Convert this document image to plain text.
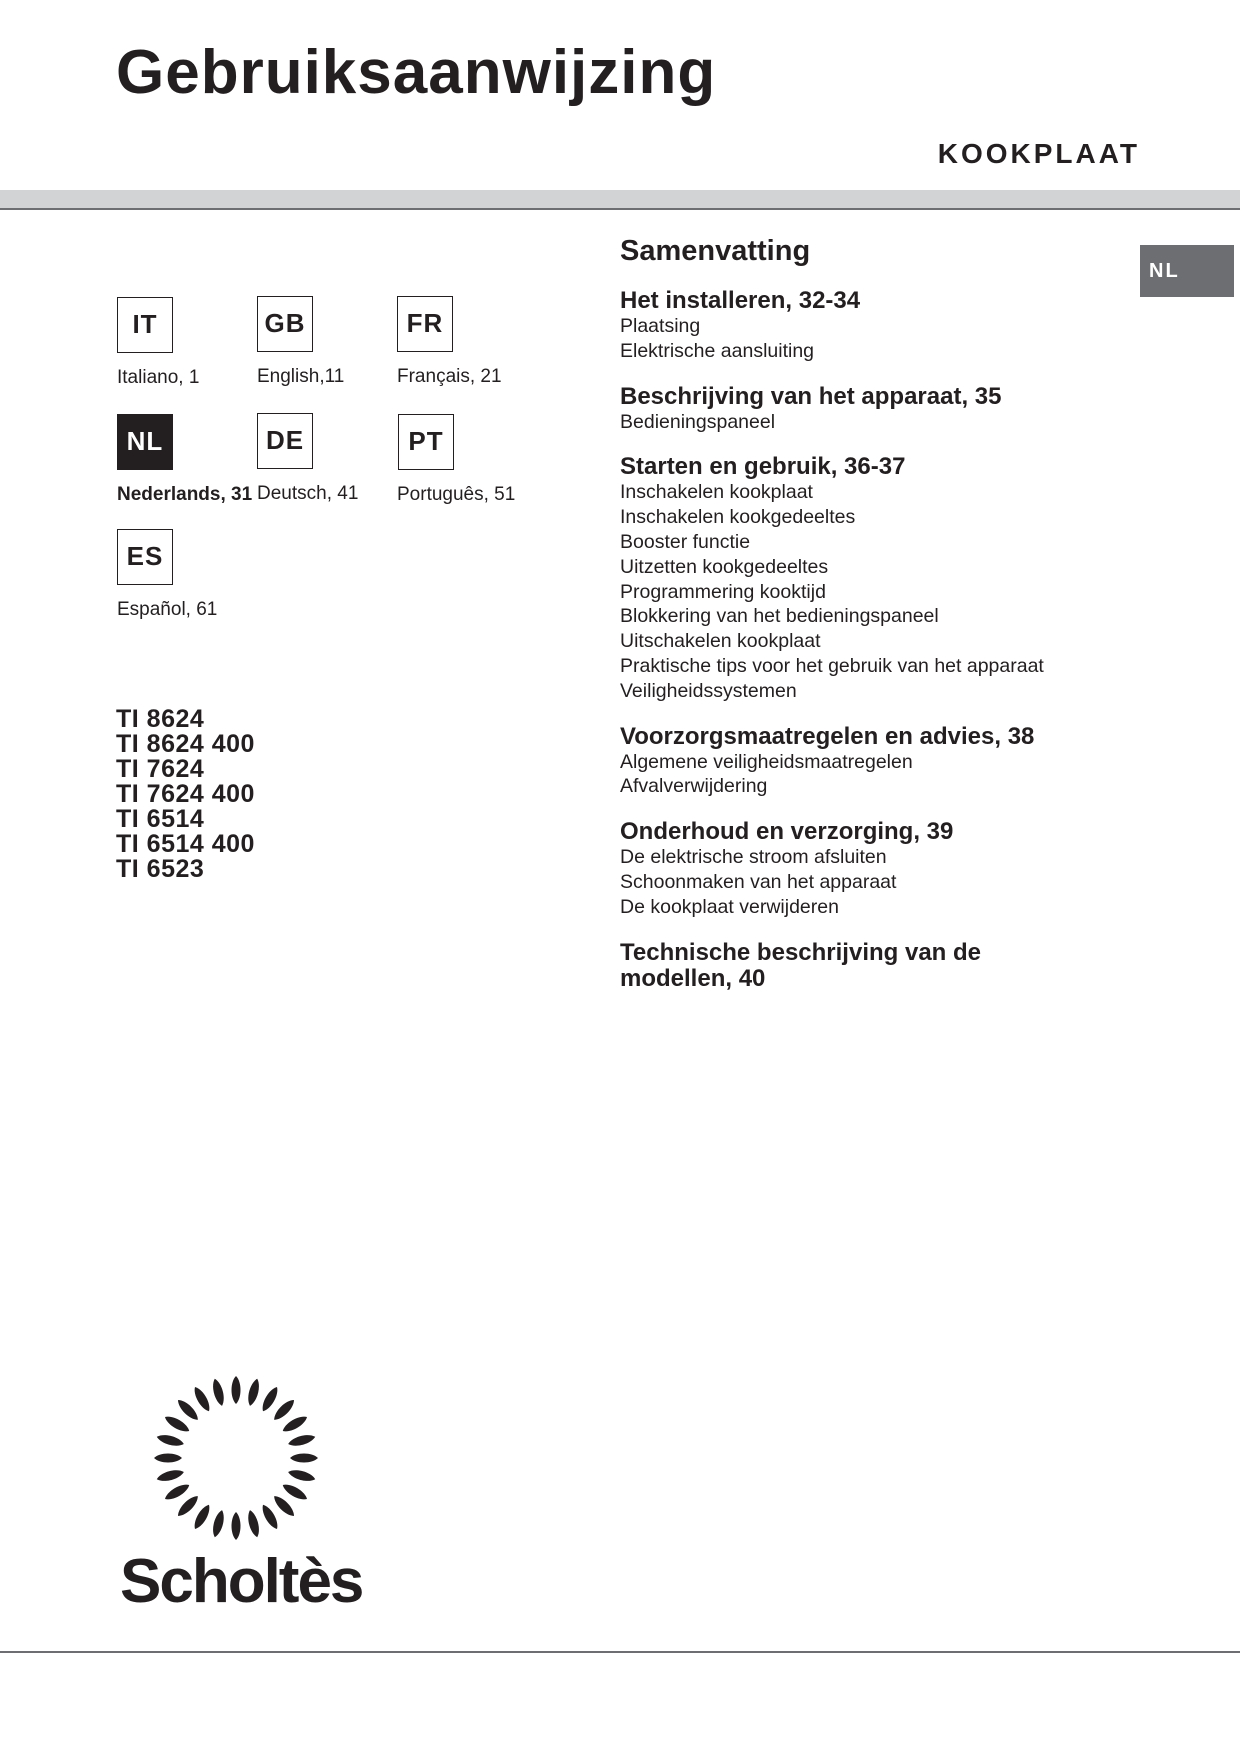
Gebruiksaanwijzing
KOOKPLAAT
NL
IT
Italiano, 1
GB
English,11
FR
Français, 21
NL
Nederlands, 31
DE
Deutsch, 41
PT
Português, 51
ES
Español, 61
TI 8624
TI 8624 400
TI 7624
TI 7624 400
TI 6514
TI 6514 400
TI 6523
Samenvatting
Het installeren, 32-34
Plaatsing
Elektrische aansluiting
Beschrijving van het apparaat, 35
Bedieningspaneel
Starten en gebruik, 36-37
Inschakelen kookplaat
Inschakelen kookgedeeltes
Booster functie
Uitzetten kookgedeeltes
Programmering kooktijd
Blokkering van het bedieningspaneel
Uitschakelen kookplaat
Praktische tips voor het gebruik van het apparaat
Veiligheidssystemen
Voorzorgsmaatregelen en advies, 38
Algemene veiligheidsmaatregelen
Afvalverwijdering
Onderhoud en verzorging, 39
De elektrische stroom afsluiten
Schoonmaken van het apparaat
De kookplaat verwijderen
Technische beschrijving van de
modellen, 40
Scholtès
